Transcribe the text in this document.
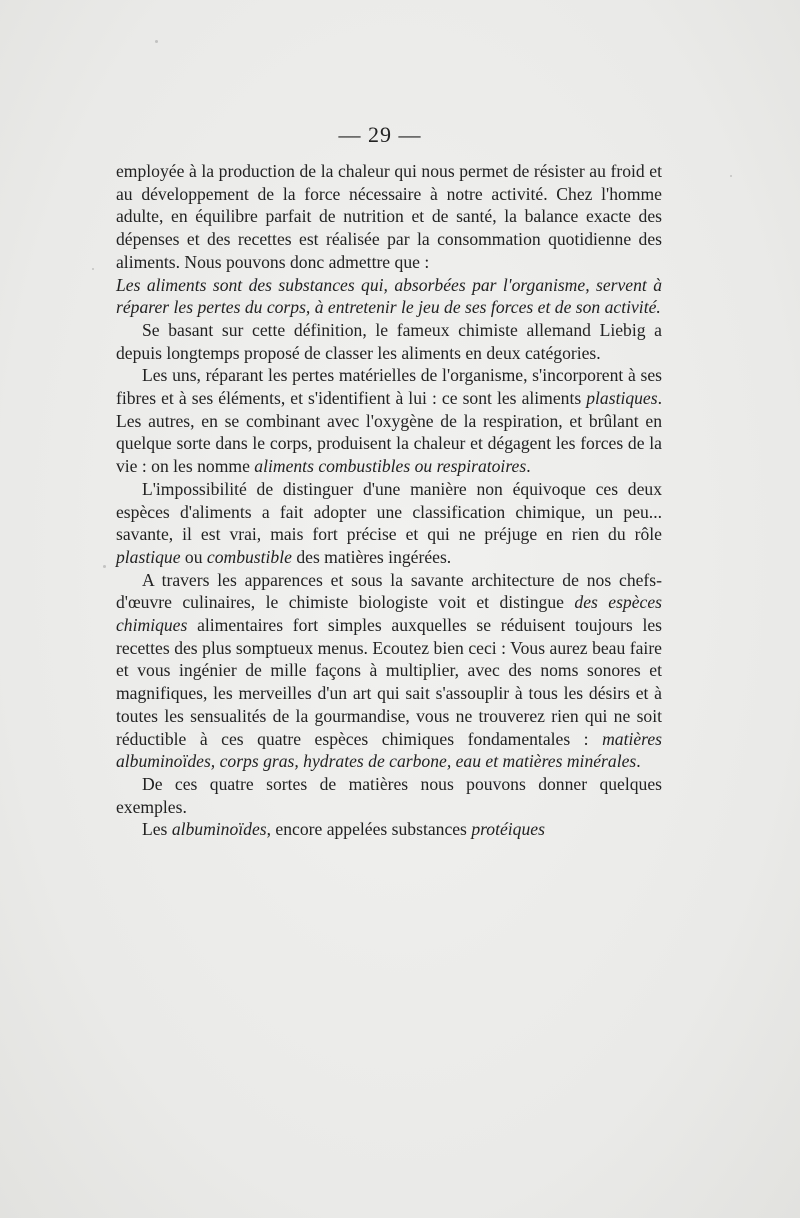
— 29 —

employée à la production de la chaleur qui nous permet de résister au froid et au développement de la force nécessaire à notre activité. Chez l'homme adulte, en équilibre parfait de nutrition et de santé, la balance exacte des dépenses et des recettes est réalisée par la consommation quotidienne des aliments. Nous pouvons donc admettre que :

Les aliments sont des substances qui, absorbées par l'organisme, servent à réparer les pertes du corps, à entretenir le jeu de ses forces et de son activité.

Se basant sur cette définition, le fameux chimiste allemand Liebig a depuis longtemps proposé de classer les aliments en deux catégories.

Les uns, réparant les pertes matérielles de l'organisme, s'incorporent à ses fibres et à ses éléments, et s'identifient à lui : ce sont les aliments plastiques. Les autres, en se combinant avec l'oxygène de la respiration, et brûlant en quelque sorte dans le corps, produisent la chaleur et dégagent les forces de la vie : on les nomme aliments combustibles ou respiratoires.

L'impossibilité de distinguer d'une manière non équivoque ces deux espèces d'aliments a fait adopter une classification chimique, un peu... savante, il est vrai, mais fort précise et qui ne préjuge en rien du rôle plastique ou combustible des matières ingérées.

A travers les apparences et sous la savante architecture de nos chefs-d'œuvre culinaires, le chimiste biologiste voit et distingue des espèces chimiques alimentaires fort simples auxquelles se réduisent toujours les recettes des plus somptueux menus. Ecoutez bien ceci : Vous aurez beau faire et vous ingénier de mille façons à multiplier, avec des noms sonores et magnifiques, les merveilles d'un art qui sait s'assouplir à tous les désirs et à toutes les sensualités de la gourmandise, vous ne trouverez rien qui ne soit réductible à ces quatre espèces chimiques fondamentales : matières albuminoïdes, corps gras, hydrates de carbone, eau et matières minérales.

De ces quatre sortes de matières nous pouvons donner quelques exemples.

Les albuminoïdes, encore appelées substances protéiques
